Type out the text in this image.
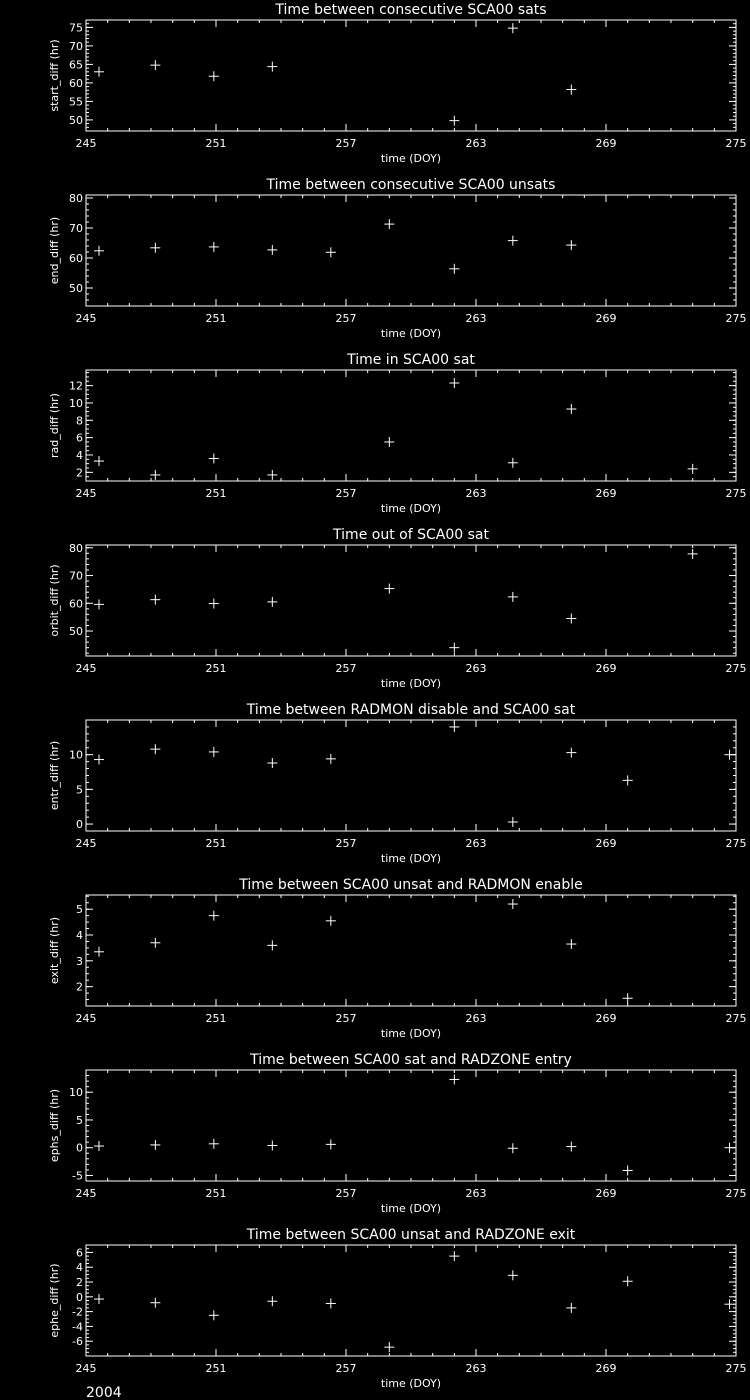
Time between consecutive SCA00 sats
245	251	257	263	269	275
50
55
60
65
70
75
time (DOY)
start_diff (hr)
Time between consecutive SCA00 unsats
245	251	257	263	269	275
50
60
70
80
time (DOY)
end_diff (hr)
Time in SCA00 sat
245	251	257	263	269	275
2
4
6
8
10
12
time (DOY)
rad_diff (hr)
Time out of SCA00 sat
245	251	257	263	269	275
50
60
70
80
time (DOY)
orbit_diff (hr)
Time between RADMON disable and SCA00 sat
245	251	257	263	269	275
0
5
10
time (DOY)
entr_diff (hr)
Time between SCA00 unsat and RADMON enable
245	251	257	263	269	275
2
3
4
5
time (DOY)
exit_diff (hr)
Time between SCA00 sat and RADZONE entry
245	251	257	263	269	275
-5
0
5
10
time (DOY)
ephs_diff (hr)
Time between SCA00 unsat and RADZONE exit
245	251	257	263	269	275
-6
-4
-2
0
2
4
6
time (DOY)
ephe_diff (hr)
2004
